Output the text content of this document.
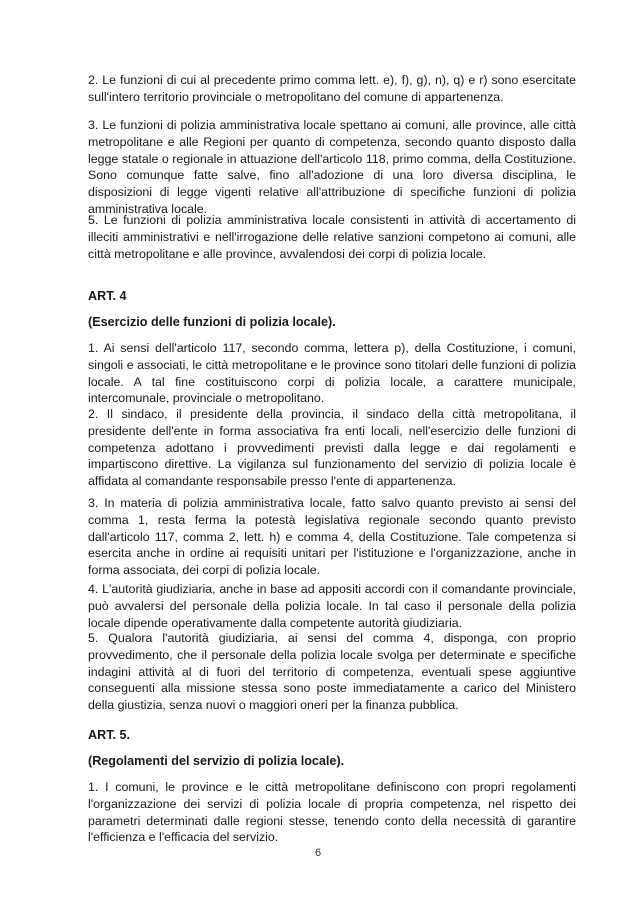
2. Le funzioni di cui al precedente primo comma lett. e), f), g), n), q) e r) sono esercitate sull'intero territorio provinciale o metropolitano del comune di appartenenza.

3. Le funzioni di polizia amministrativa locale spettano ai comuni, alle province, alle città metropolitane e alle Regioni per quanto di competenza, secondo quanto disposto dalla legge statale o regionale in attuazione dell'articolo 118, primo comma, della Costituzione. Sono comunque fatte salve, fino all'adozione di una loro diversa disciplina, le disposizioni di legge vigenti relative all'attribuzione di specifiche funzioni di polizia amministrativa locale.

5. Le funzioni di polizia amministrativa locale consistenti in attività di accertamento di illeciti amministrativi e nell'irrogazione delle relative sanzioni competono ai comuni, alle città metropolitane e alle province, avvalendosi dei corpi di polizia locale.

ART. 4

(Esercizio delle funzioni di polizia locale).

1. Ai sensi dell'articolo 117, secondo comma, lettera p), della Costituzione, i comuni, singoli e associati, le città metropolitane e le province sono titolari delle funzioni di polizia locale. A tal fine costituiscono corpi di polizia locale, a carattere municipale, intercomunale, provinciale o metropolitano.

2. Il sindaco, il presidente della provincia, il sindaco della città metropolitana, il presidente dell'ente in forma associativa fra enti locali, nell'esercizio delle funzioni di competenza adottano i provvedimenti previsti dalla legge e dai regolamenti e impartiscono direttive. La vigilanza sul funzionamento del servizio di polizia locale è affidata al comandante responsabile presso l'ente di appartenenza.

3. In materia di polizia amministrativa locale, fatto salvo quanto previsto ai sensi del comma 1, resta ferma la potestà legislativa regionale secondo quanto previsto dall'articolo 117, comma 2, lett. h) e comma 4, della Costituzione. Tale competenza si esercita anche in ordine ai requisiti unitari per l'istituzione e l'organizzazione, anche in forma associata, dei corpi di polizia locale.

4. L'autorità giudiziaria, anche in base ad appositi accordi con il comandante provinciale, può avvalersi del personale della polizia locale. In tal caso il personale della polizia locale dipende operativamente dalla competente autorità giudiziaria.

5. Qualora l'autorità giudiziaria, ai sensi del comma 4, disponga, con proprio provvedimento, che il personale della polizia locale svolga per determinate e specifiche indagini attività al di fuori del territorio di competenza, eventuali spese aggiuntive conseguenti alla missione stessa sono poste immediatamente a carico del Ministero della giustizia, senza nuovi o maggiori oneri per la finanza pubblica.

ART. 5.

(Regolamenti del servizio di polizia locale).

1. I comuni, le province e le città metropolitane definiscono con propri regolamenti l'organizzazione dei servizi di polizia locale di propria competenza, nel rispetto dei parametri determinati dalle regioni stesse, tenendo conto della necessità di garantire l'efficienza e l'efficacia del servizio.

6
